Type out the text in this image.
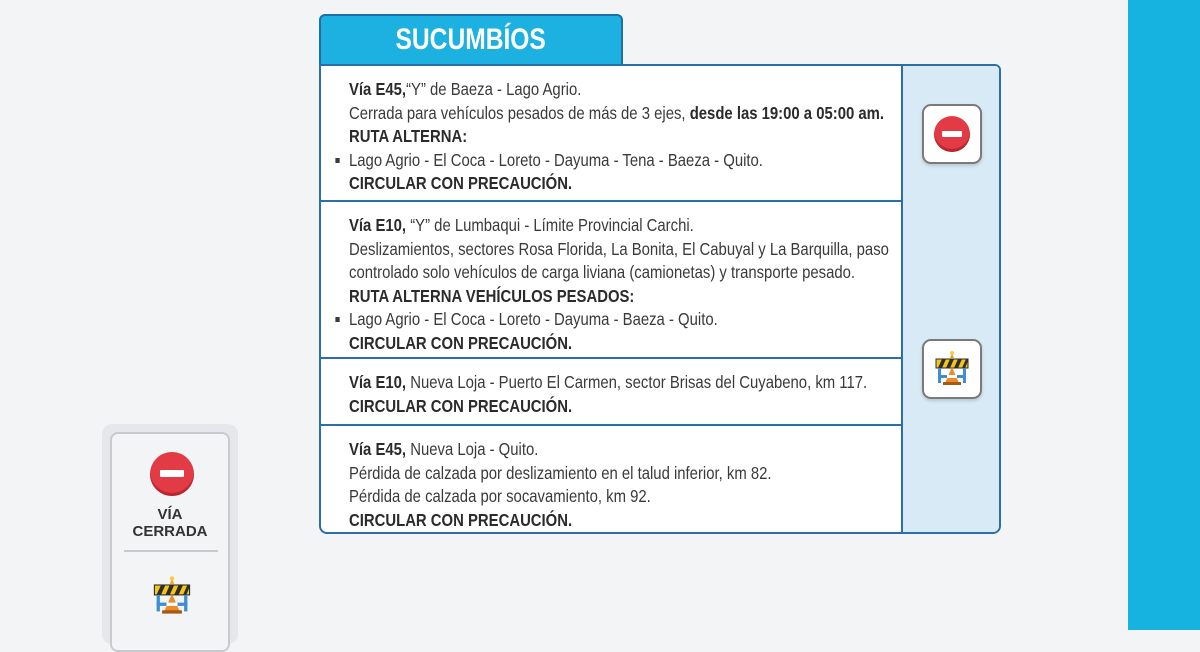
SUCUMBÍOS
Vía E45,“Y” de Baeza - Lago Agrio.
Cerrada para vehículos pesados de más de 3 ejes, desde las 19:00 a 05:00 am.
RUTA ALTERNA:
Lago Agrio - El Coca - Loreto - Dayuma - Tena - Baeza - Quito.
CIRCULAR CON PRECAUCIÓN.
Vía E10, “Y” de Lumbaqui - Límite Provincial Carchi.
Deslizamientos, sectores Rosa Florida, La Bonita, El Cabuyal y La Barquilla, paso
controlado solo vehículos de carga liviana (camionetas) y transporte pesado.
RUTA ALTERNA VEHÍCULOS PESADOS:
Lago Agrio - El Coca - Loreto - Dayuma - Baeza - Quito.
CIRCULAR CON PRECAUCIÓN.
Vía E10, Nueva Loja - Puerto El Carmen, sector Brisas del Cuyabeno, km 117.
CIRCULAR CON PRECAUCIÓN.
Vía E45, Nueva Loja - Quito.
Pérdida de calzada por deslizamiento en el talud inferior, km 82.
Pérdida de calzada por socavamiento, km 92.
CIRCULAR CON PRECAUCIÓN.
VÍA
CERRADA
